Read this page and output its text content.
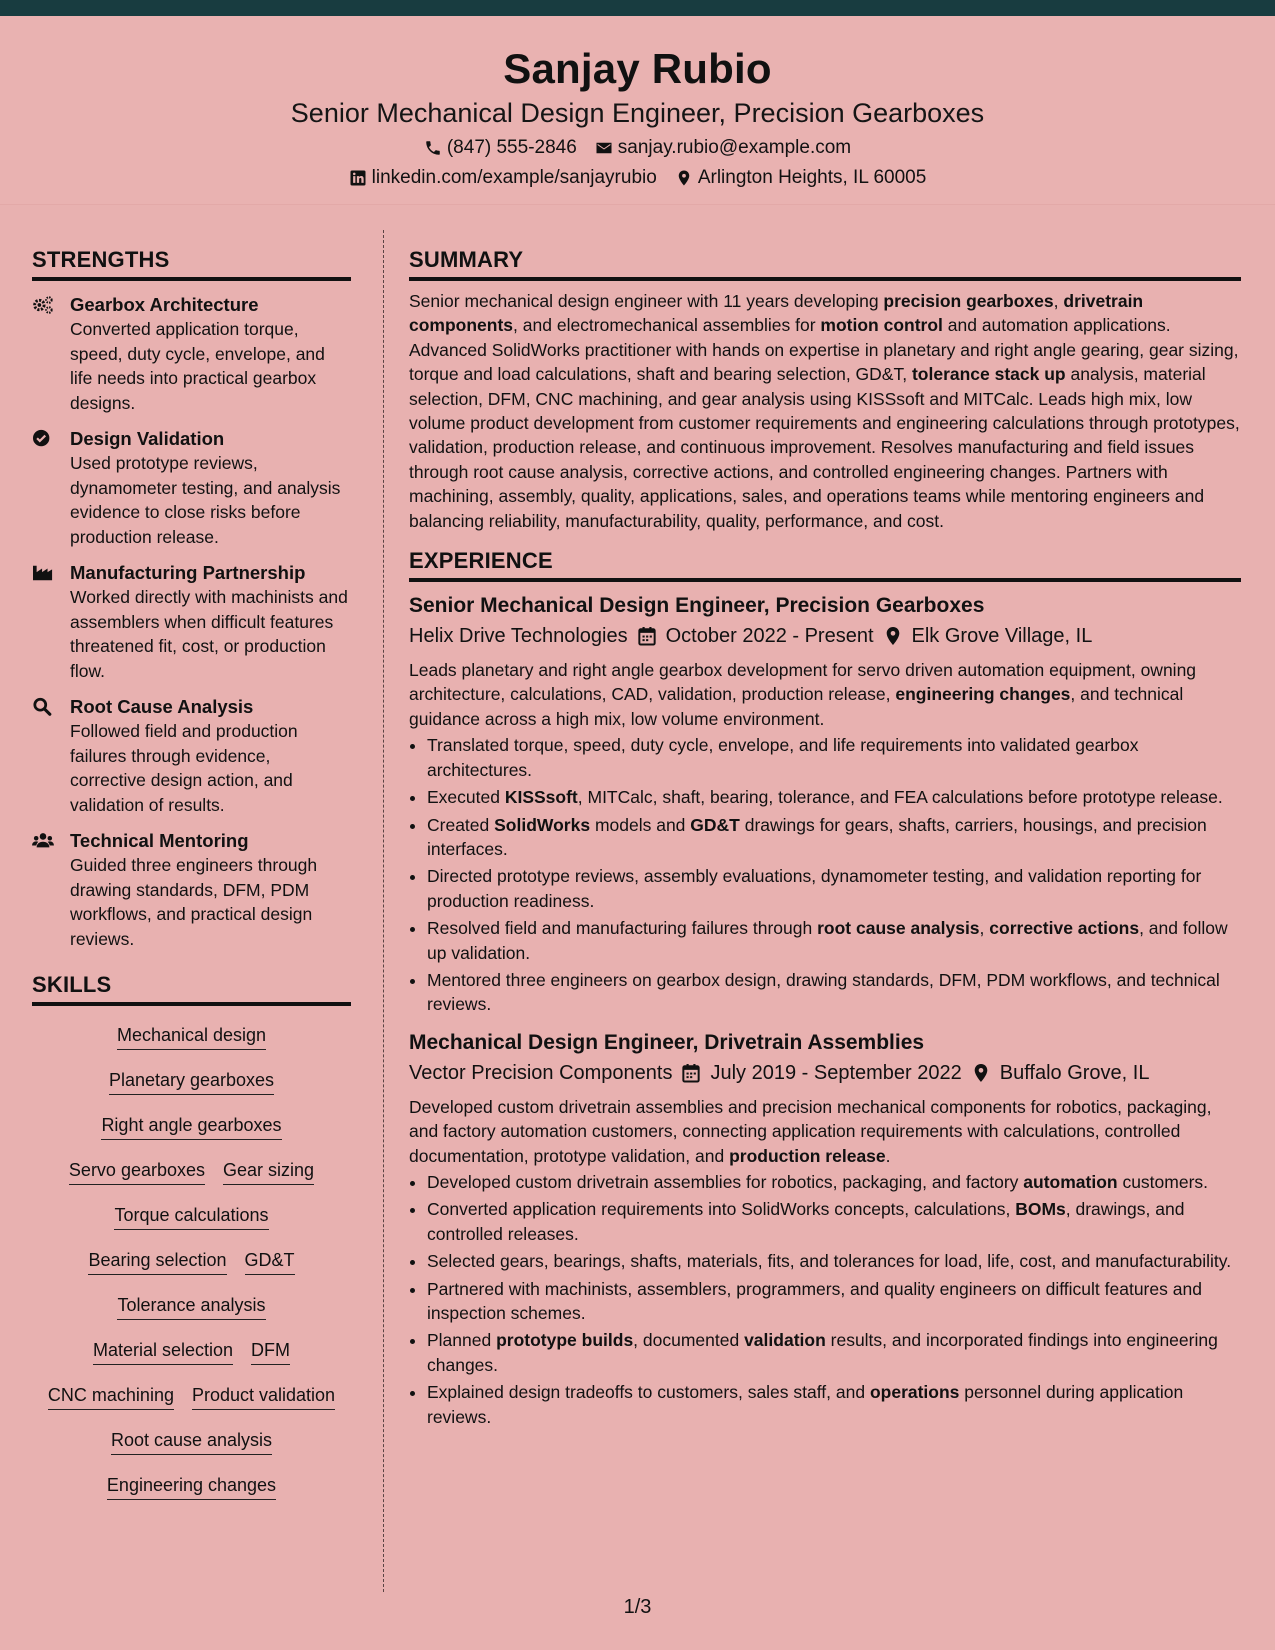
Sanjay Rubio
Senior Mechanical Design Engineer, Precision Gearboxes
(847) 555-2846 sanjay.rubio@example.com
linkedin.com/example/sanjayrubio Arlington Heights, IL 60005
STRENGTHS
Gearbox Architecture
Converted application torque, speed, duty cycle, envelope, and life needs into practical gearbox designs.
Design Validation
Used prototype reviews, dynamometer testing, and analysis evidence to close risks before production release.
Manufacturing Partnership
Worked directly with machinists and assemblers when difficult features threatened fit, cost, or production flow.
Root Cause Analysis
Followed field and production failures through evidence, corrective design action, and validation of results.
Technical Mentoring
Guided three engineers through drawing standards, DFM, PDM workflows, and practical design reviews.
SKILLS
Mechanical design
Planetary gearboxes
Right angle gearboxes
Servo gearboxes Gear sizing
Torque calculations
Bearing selection GD&T
Tolerance analysis
Material selection DFM
CNC machining Product validation
Root cause analysis
Engineering changes
SUMMARY
Senior mechanical design engineer with 11 years developing precision gearboxes, drivetrain components, and electromechanical assemblies for motion control and automation applications. Advanced SolidWorks practitioner with hands on expertise in planetary and right angle gearing, gear sizing, torque and load calculations, shaft and bearing selection, GD&T, tolerance stack up analysis, material selection, DFM, CNC machining, and gear analysis using KISSsoft and MITCalc. Leads high mix, low volume product development from customer requirements and engineering calculations through prototypes, validation, production release, and continuous improvement. Resolves manufacturing and field issues through root cause analysis, corrective actions, and controlled engineering changes. Partners with machining, assembly, quality, applications, sales, and operations teams while mentoring engineers and balancing reliability, manufacturability, quality, performance, and cost.
EXPERIENCE
Senior Mechanical Design Engineer, Precision Gearboxes
Helix Drive Technologies October 2022 - Present Elk Grove Village, IL
Leads planetary and right angle gearbox development for servo driven automation equipment, owning architecture, calculations, CAD, validation, production release, engineering changes, and technical guidance across a high mix, low volume environment.
• Translated torque, speed, duty cycle, envelope, and life requirements into validated gearbox architectures.
• Executed KISSsoft, MITCalc, shaft, bearing, tolerance, and FEA calculations before prototype release.
• Created SolidWorks models and GD&T drawings for gears, shafts, carriers, housings, and precision interfaces.
• Directed prototype reviews, assembly evaluations, dynamometer testing, and validation reporting for production readiness.
• Resolved field and manufacturing failures through root cause analysis, corrective actions, and follow up validation.
• Mentored three engineers on gearbox design, drawing standards, DFM, PDM workflows, and technical reviews.
Mechanical Design Engineer, Drivetrain Assemblies
Vector Precision Components July 2019 - September 2022 Buffalo Grove, IL
Developed custom drivetrain assemblies and precision mechanical components for robotics, packaging, and factory automation customers, connecting application requirements with calculations, controlled documentation, prototype validation, and production release.
• Developed custom drivetrain assemblies for robotics, packaging, and factory automation customers.
• Converted application requirements into SolidWorks concepts, calculations, BOMs, drawings, and controlled releases.
• Selected gears, bearings, shafts, materials, fits, and tolerances for load, life, cost, and manufacturability.
• Partnered with machinists, assemblers, programmers, and quality engineers on difficult features and inspection schemes.
• Planned prototype builds, documented validation results, and incorporated findings into engineering changes.
• Explained design tradeoffs to customers, sales staff, and operations personnel during application reviews.
1/3
